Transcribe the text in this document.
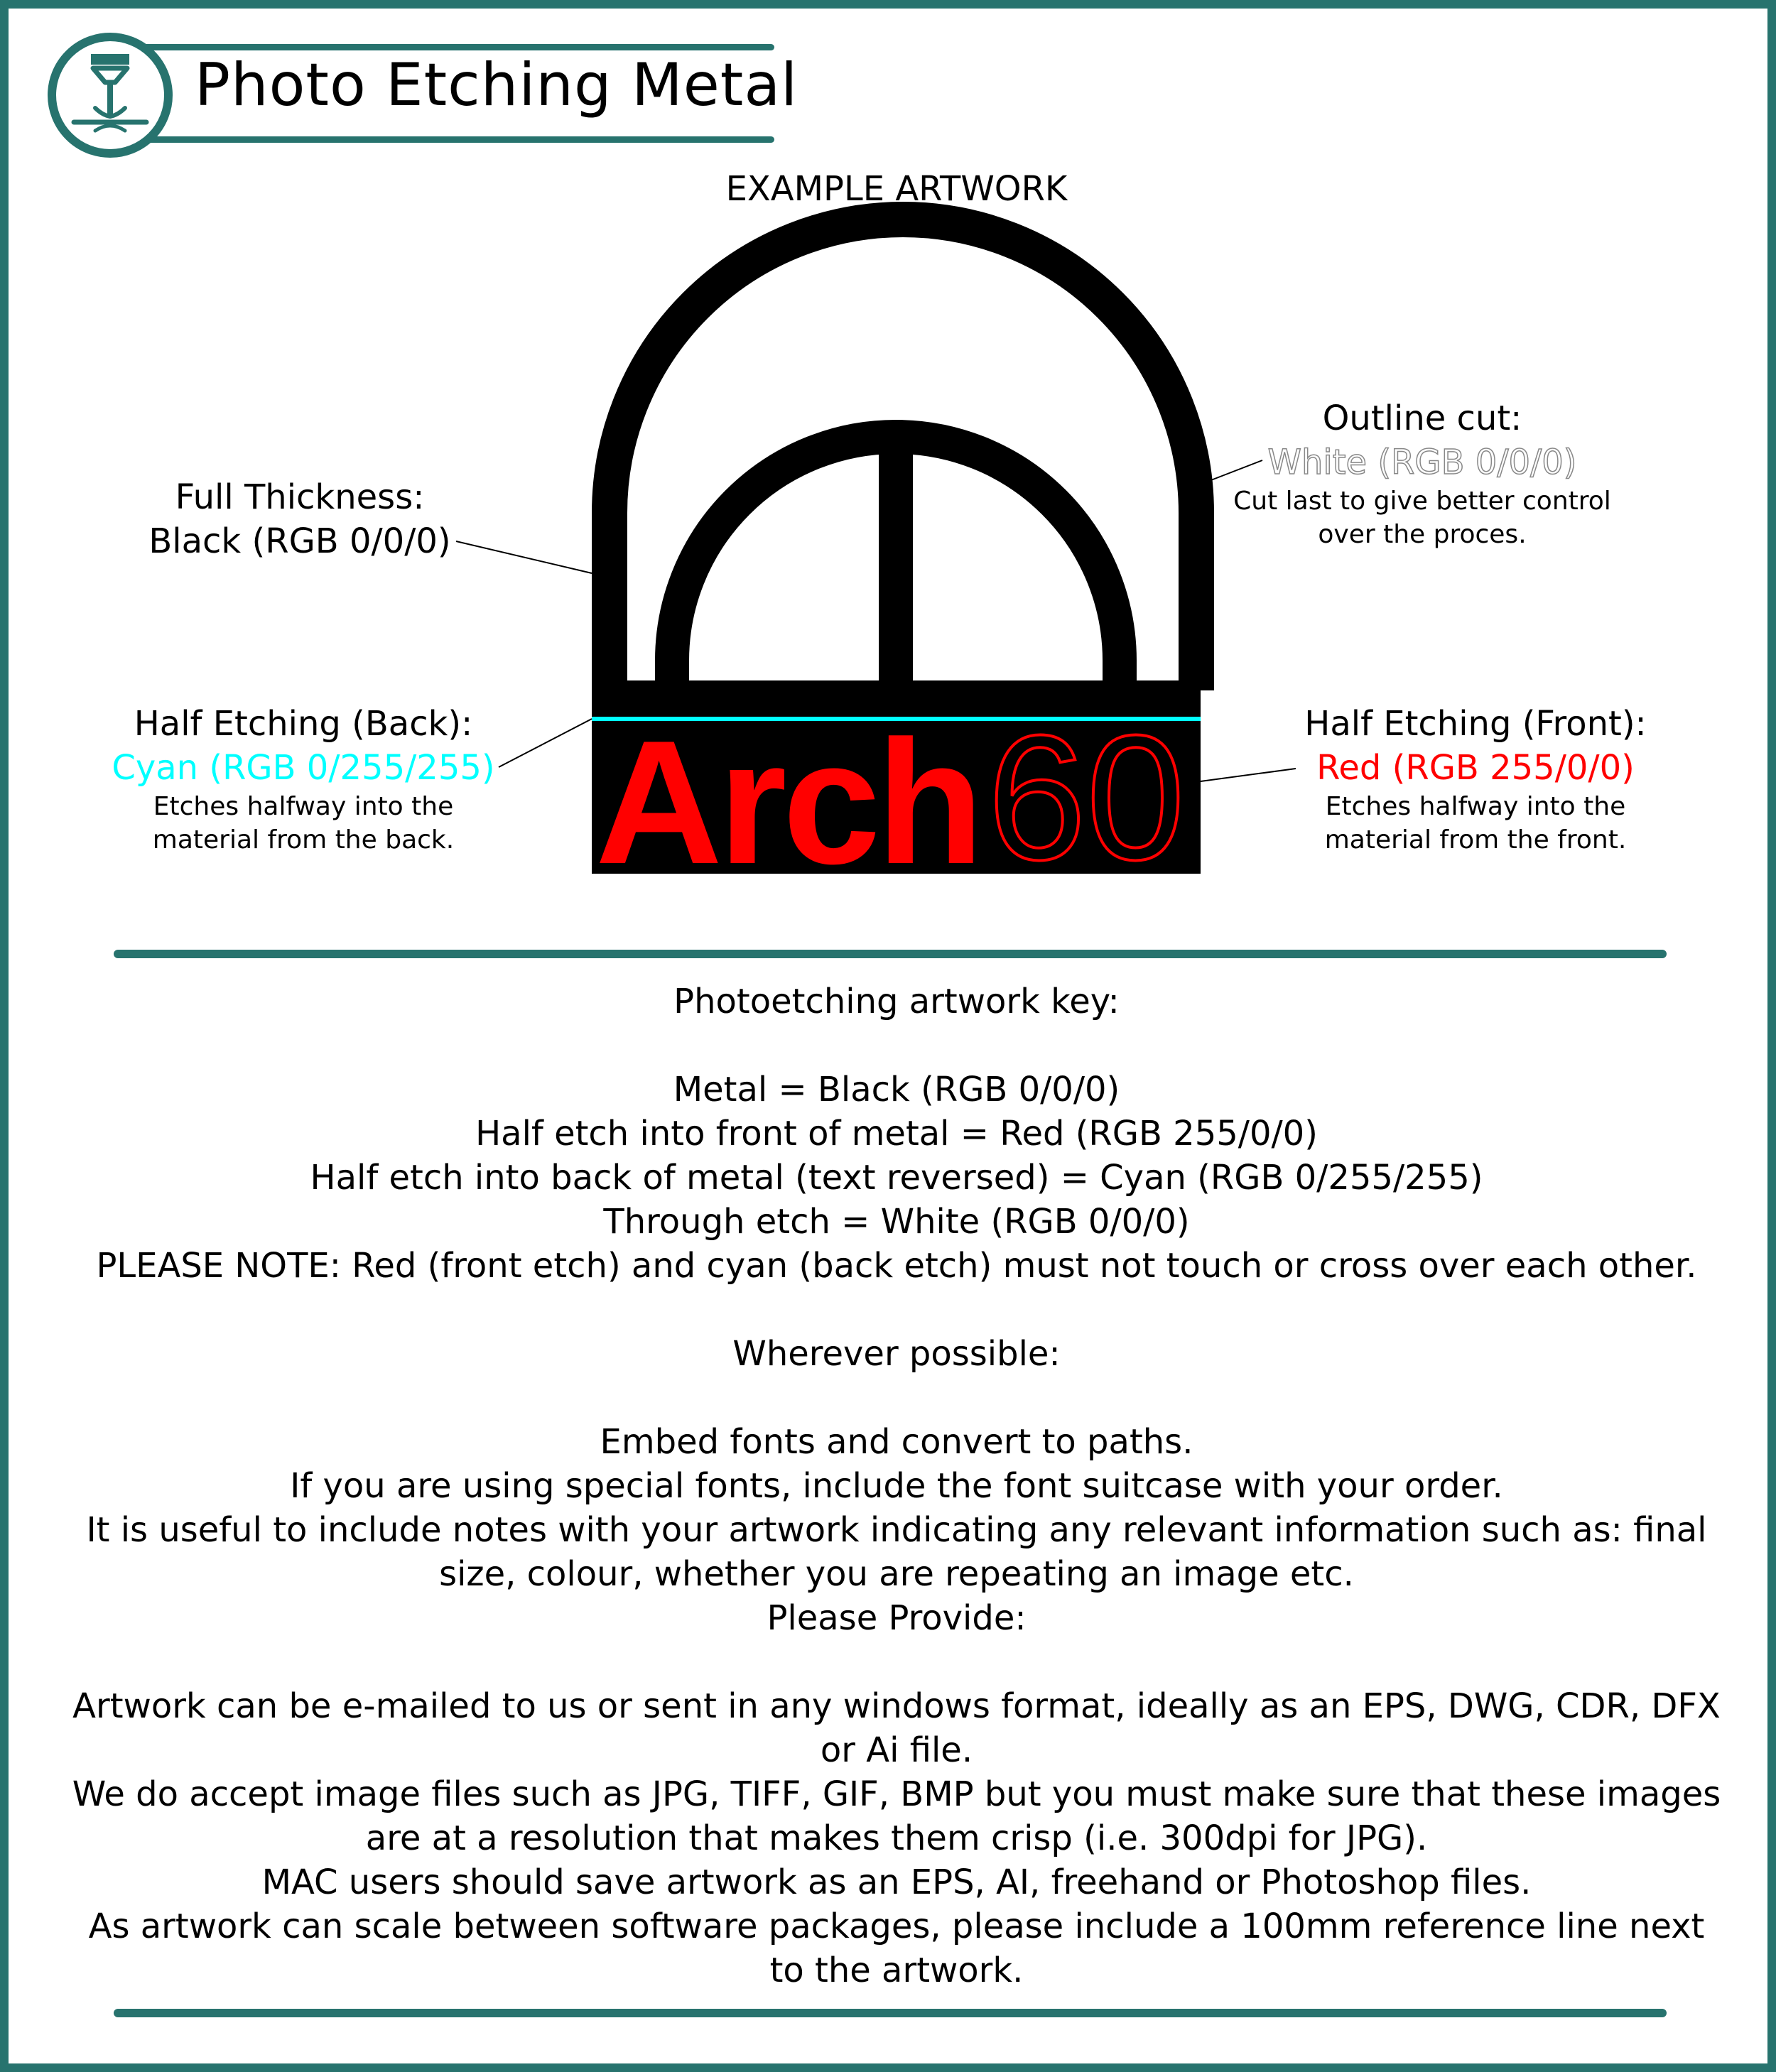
Photo Etching Metal
EXAMPLE ARTWORK
Arch 60
Outline cut:
White (RGB 0/0/0)
Cut last to give better control
over the proces.
Full Thickness:
Black (RGB 0/0/0)
Half Etching (Back):
Cyan (RGB 0/255/255)
Etches halfway into the
material from the back.
Half Etching (Front):
Red (RGB 255/0/0)
Etches halfway into the
material from the front.
Photoetching artwork key:
Metal = Black (RGB 0/0/0)
Half etch into front of metal = Red (RGB 255/0/0)
Half etch into back of metal (text reversed) = Cyan (RGB 0/255/255)
Through etch = White (RGB 0/0/0)
PLEASE NOTE: Red (front etch) and cyan (back etch) must not touch or cross over each other.
Wherever possible:
Embed fonts and convert to paths.
If you are using special fonts, include the font suitcase with your order.
It is useful to include notes with your artwork indicating any relevant information such as: final
size, colour, whether you are repeating an image etc.
Please Provide:
Artwork can be e-mailed to us or sent in any windows format, ideally as an EPS, DWG, CDR, DFX
or Ai file.
We do accept image files such as JPG, TIFF, GIF, BMP but you must make sure that these images
are at a resolution that makes them crisp (i.e. 300dpi for JPG).
MAC users should save artwork as an EPS, AI, freehand or Photoshop files.
As artwork can scale between software packages, please include a 100mm reference line next
to the artwork.
